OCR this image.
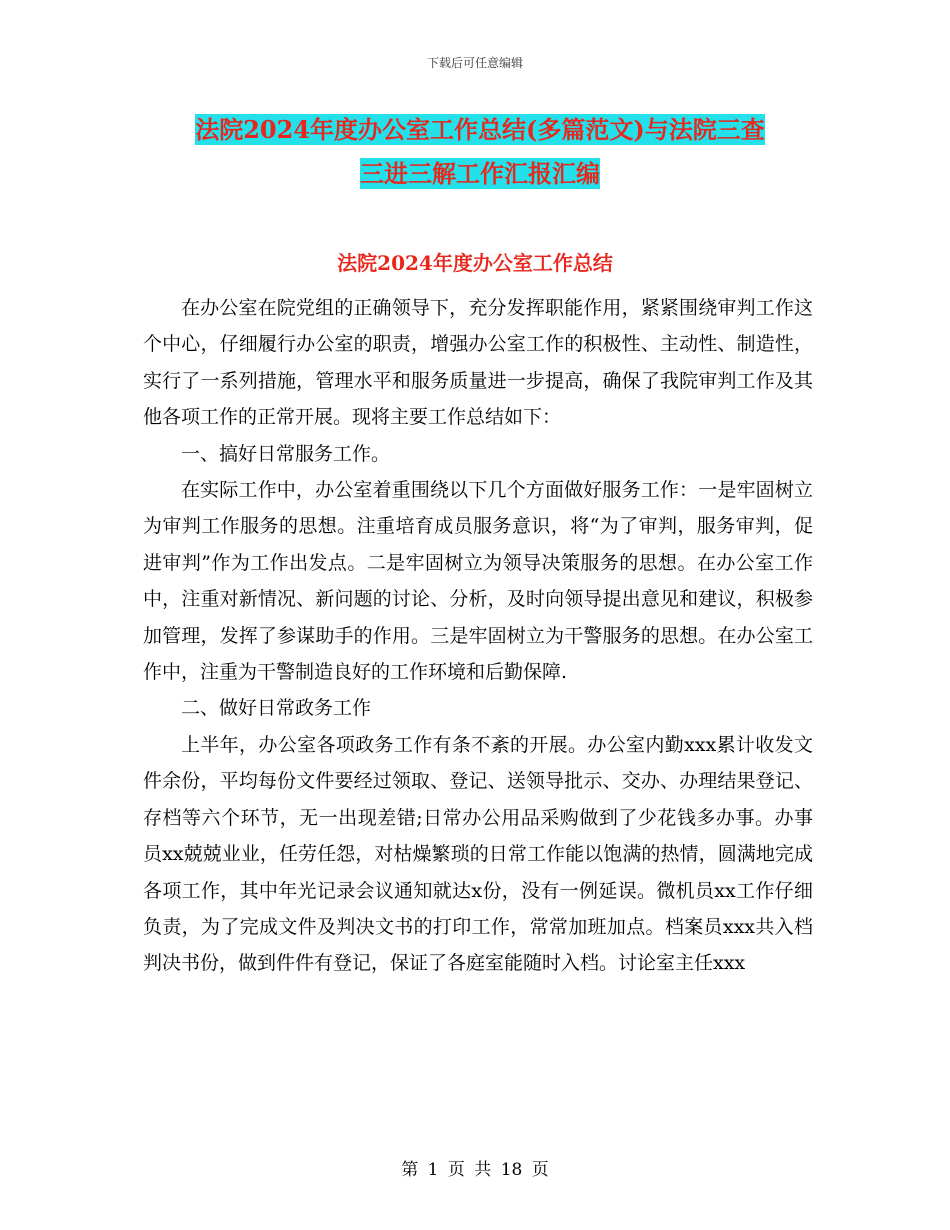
下载后可任意编辑
法院2024年度办公室工作总结(多篇范文)与法院三查
三进三解工作汇报汇编
法院2024年度办公室工作总结

在办公室在院党组的正确领导下，充分发挥职能作用，紧紧围绕审判工作这个中心，仔细履行办公室的职责，增强办公室工作的积极性、主动性、制造性，实行了一系列措施，管理水平和服务质量进一步提高，确保了我院审判工作及其他各项工作的正常开展。现将主要工作总结如下：

一、搞好日常服务工作。

在实际工作中，办公室着重围绕以下几个方面做好服务工作：一是牢固树立为审判工作服务的思想。注重培育成员服务意识，将“为了审判，服务审判，促进审判”作为工作出发点。二是牢固树立为领导决策服务的思想。在办公室工作中，注重对新情况、新问题的讨论、分析，及时向领导提出意见和建议，积极参加管理，发挥了参谋助手的作用。三是牢固树立为干警服务的思想。在办公室工作中，注重为干警制造良好的工作环境和后勤保障.

二、做好日常政务工作

上半年，办公室各项政务工作有条不紊的开展。办公室内勤xxx累计收发文件余份，平均每份文件要经过领取、登记、送领导批示、交办、办理结果登记、存档等六个环节，无一出现差错;日常办公用品采购做到了少花钱多办事。办事员xx兢兢业业，任劳任怨，对枯燥繁琐的日常工作能以饱满的热情，圆满地完成各项工作，其中年光记录会议通知就达x份，没有一例延误。微机员xx工作仔细负责，为了完成文件及判决文书的打印工作，常常加班加点。档案员xxx共入档判决书份，做到件件有登记，保证了各庭室能随时入档。讨论室主任xxx

第 1 页 共 18 页
